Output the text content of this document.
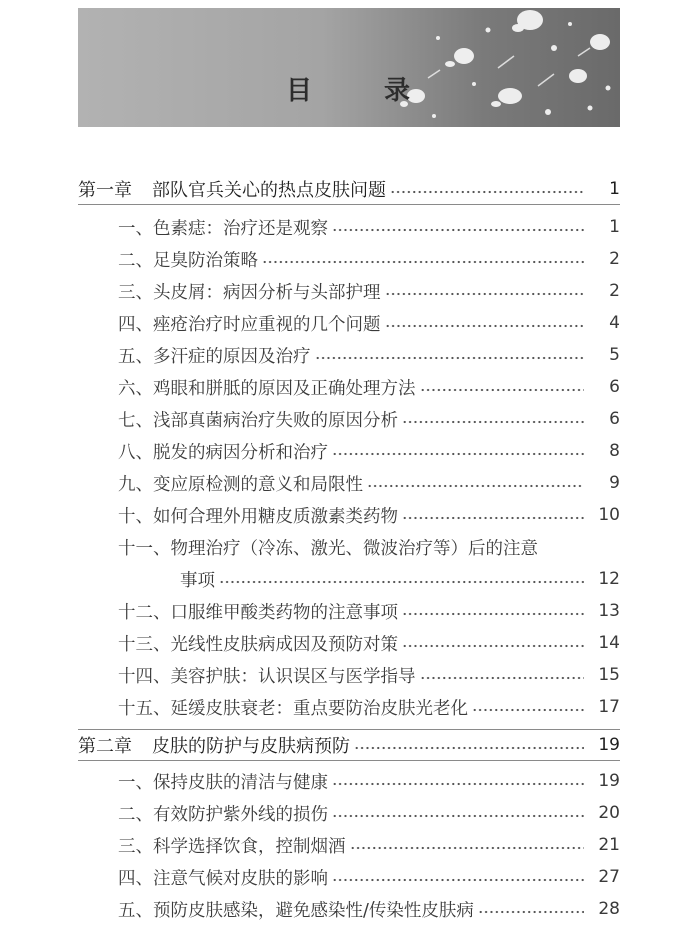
目	录
第一章 部队官兵关心的热点皮肤问题	1
一、 色素痣：治疗还是观察	1
二、 足臭防治策略	2
三、 头皮屑：病因分析与头部护理	2
四、 痤疮治疗时应重视的几个问题	4
五、 多汗症的原因及治疗	5
六、 鸡眼和胼胝的原因及正确处理方法	6
七、 浅部真菌病治疗失败的原因分析	6
八、 脱发的病因分析和治疗	8
九、 变应原检测的意义和局限性	9
十、 如何合理外用糖皮质激素类药物	10
十一、 物理治疗（冷冻、激光、微波治疗等）后的注意
事项	12
十二、 口服维甲酸类药物的注意事项	13
十三、 光线性皮肤病成因及预防对策	14
十四、 美容护肤：认识误区与医学指导	15
十五、 延缓皮肤衰老：重点要防治皮肤光老化	17
第二章 皮肤的防护与皮肤病预防	19
一、 保持皮肤的清洁与健康	19
二、 有效防护紫外线的损伤	20
三、 科学选择饮食，控制烟酒	21
四、 注意气候对皮肤的影响	27
五、 预防皮肤感染，避免感染性/传染性皮肤病	28
